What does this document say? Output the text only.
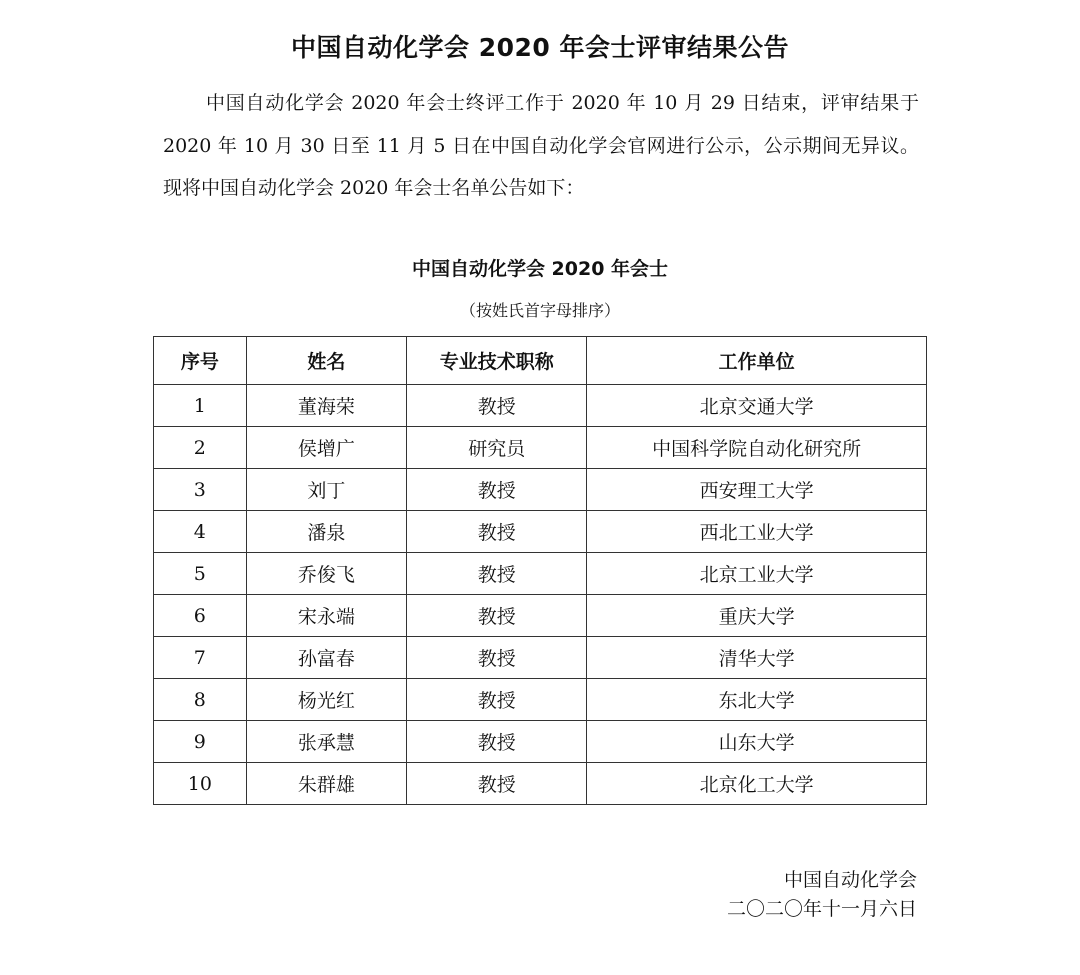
中国自动化学会 2020 年会士评审结果公告
中国自动化学会 2020 年会士终评工作于 2020 年 10 月 29 日结束，评审结果于 2020 年 10 月 30 日至 11 月 5 日在中国自动化学会官网进行公示，公示期间无异议。现将中国自动化学会 2020 年会士名单公告如下：
中国自动化学会 2020 年会士
（按姓氏首字母排序）
序号	姓名	专业技术职称	工作单位
1	董海荣	教授	北京交通大学
2	侯增广	研究员	中国科学院自动化研究所
3	刘丁	教授	西安理工大学
4	潘泉	教授	西北工业大学
5	乔俊飞	教授	北京工业大学
6	宋永端	教授	重庆大学
7	孙富春	教授	清华大学
8	杨光红	教授	东北大学
9	张承慧	教授	山东大学
10	朱群雄	教授	北京化工大学
中国自动化学会
二〇二〇年十一月六日
